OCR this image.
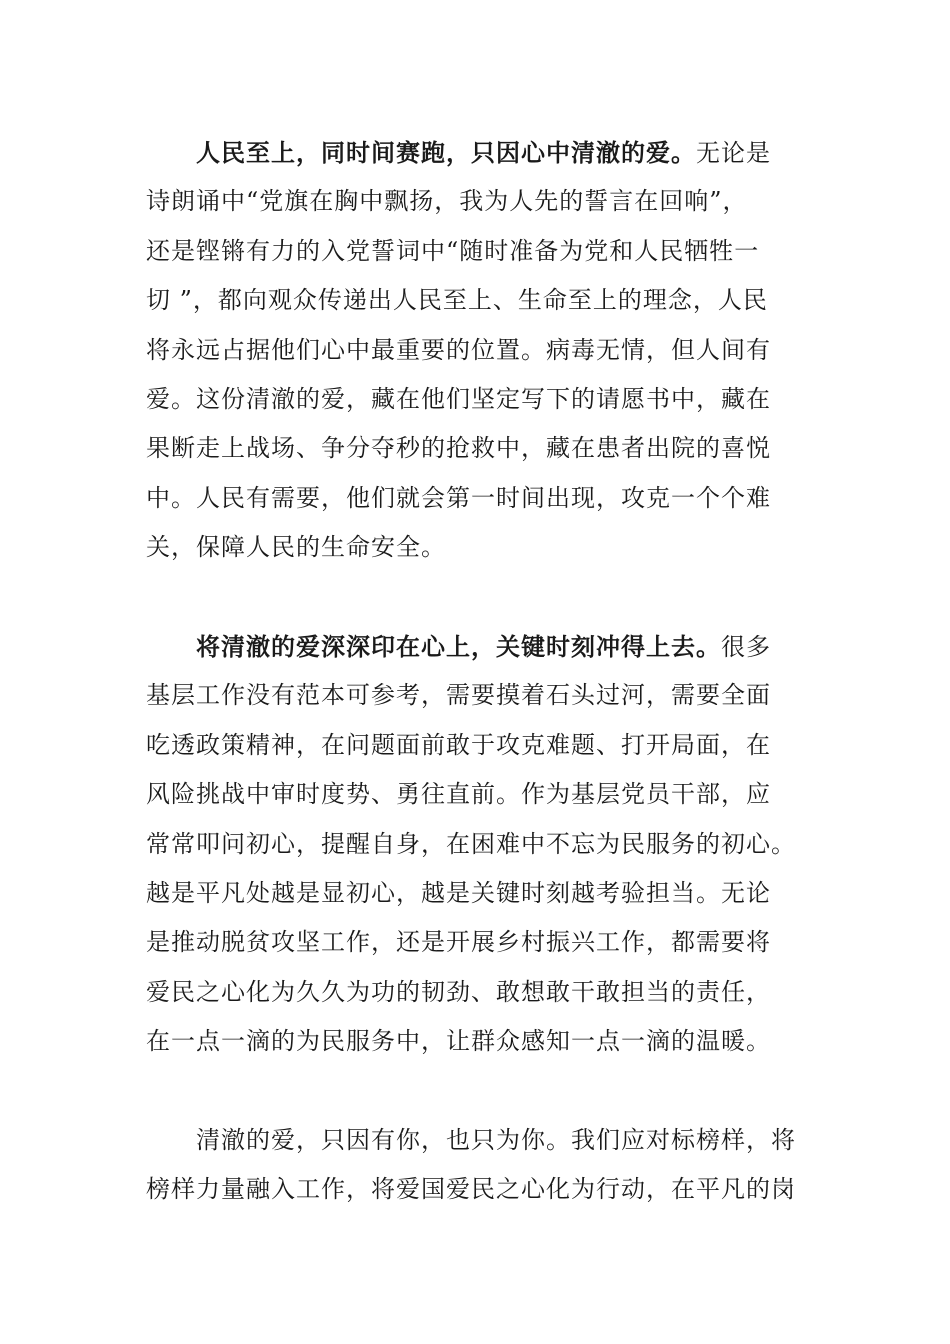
人民至上，同时间赛跑，只因心中清澈的爱。无论是
诗朗诵中“党旗在胸中飘扬，我为人先的誓言在回响”，
还是铿锵有力的入党誓词中“随时准备为党和人民牺牲一
切 ”，都向观众传递出人民至上、生命至上的理念，人民
将永远占据他们心中最重要的位置。病毒无情，但人间有
爱。这份清澈的爱，藏在他们坚定写下的请愿书中，藏在
果断走上战场、争分夺秒的抢救中，藏在患者出院的喜悦
中。人民有需要，他们就会第一时间出现，攻克一个个难
关，保障人民的生命安全。
将清澈的爱深深印在心上，关键时刻冲得上去。很多
基层工作没有范本可参考，需要摸着石头过河，需要全面
吃透政策精神，在问题面前敢于攻克难题、打开局面，在
风险挑战中审时度势、勇往直前。作为基层党员干部，应
常常叩问初心，提醒自身，在困难中不忘为民服务的初心。
越是平凡处越是显初心，越是关键时刻越考验担当。无论
是推动脱贫攻坚工作，还是开展乡村振兴工作，都需要将
爱民之心化为久久为功的韧劲、敢想敢干敢担当的责任，
在一点一滴的为民服务中，让群众感知一点一滴的温暖。
清澈的爱，只因有你，也只为你。我们应对标榜样，将
榜样力量融入工作，将爱国爱民之心化为行动，在平凡的岗
